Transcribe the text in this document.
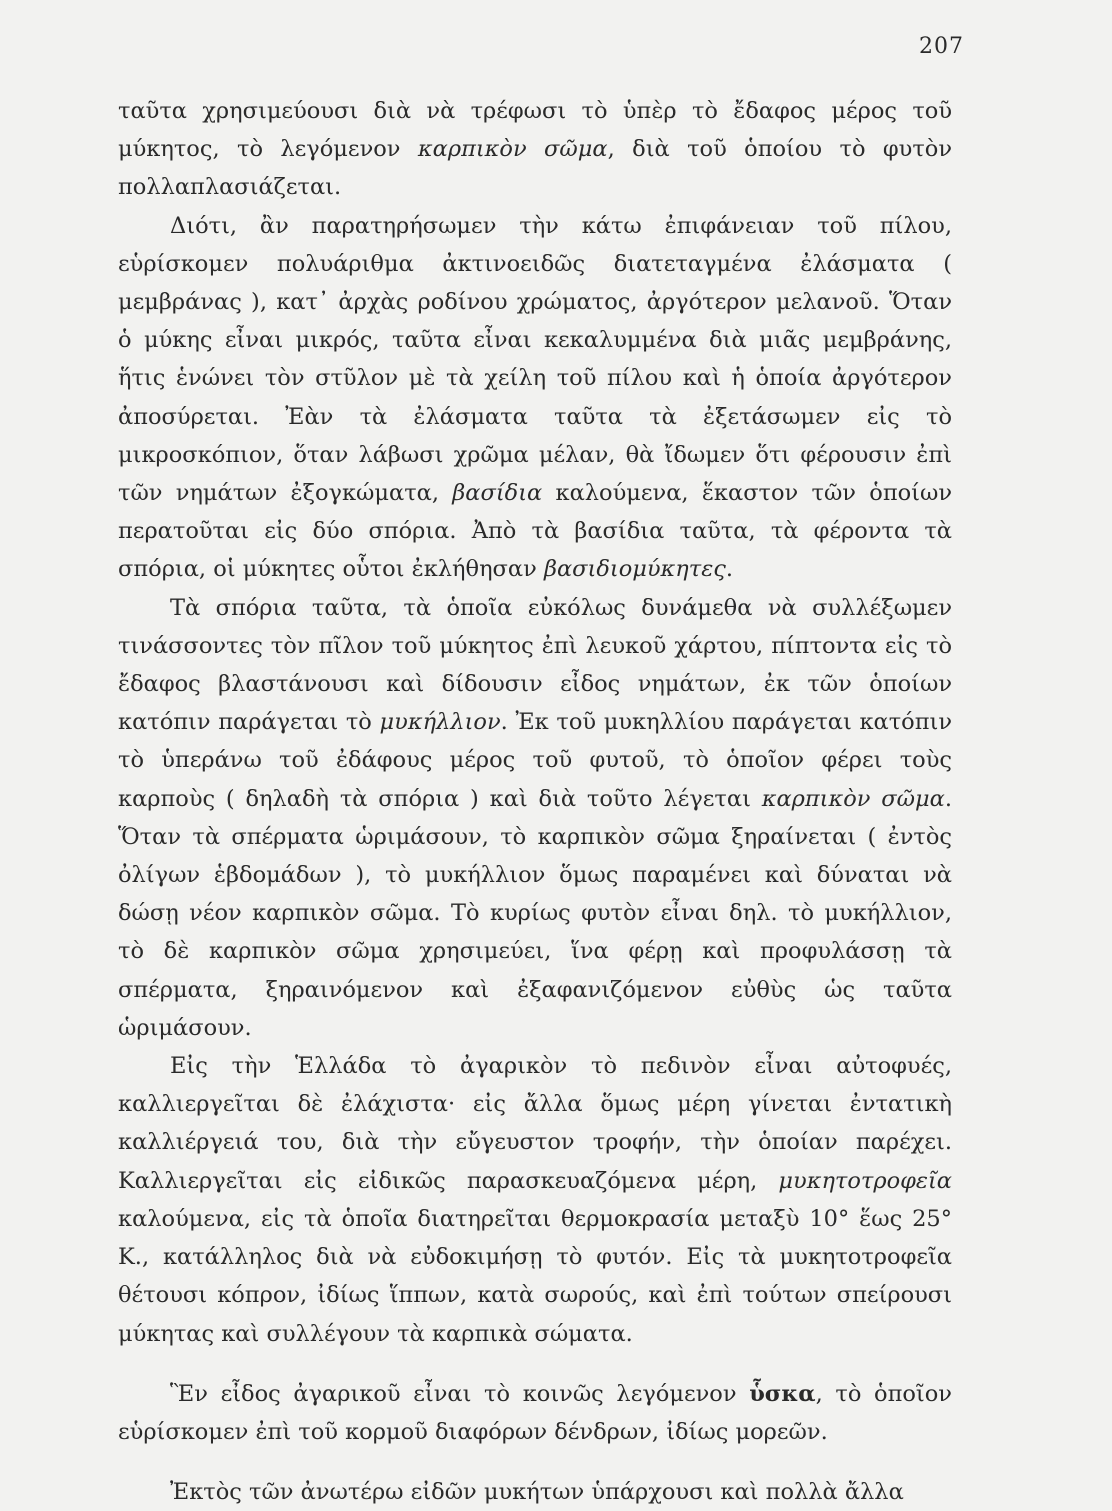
207

ταῦτα χρησιμεύουσι διὰ νὰ τρέφωσι τὸ ὑπὲρ τὸ ἔδαφος μέρος τοῦ μύκητος, τὸ λεγόμενον καρπικὸν σῶμα, διὰ τοῦ ὁποίου τὸ φυτὸν πολλαπλασιάζεται.

Διότι, ἂν παρατηρήσωμεν τὴν κάτω ἐπιφάνειαν τοῦ πίλου, εὑρίσκομεν πολυάριθμα ἀκτινοειδῶς διατεταγμένα ἐλάσματα ( μεμβράνας ), κατ᾽ ἀρχὰς ροδίνου χρώματος, ἀργότερον μελανοῦ. Ὅταν ὁ μύκης εἶναι μικρός, ταῦτα εἶναι κεκαλυμμένα διὰ μιᾶς μεμβράνης, ἥτις ἑνώνει τὸν στῦλον μὲ τὰ χείλη τοῦ πίλου καὶ ἡ ὁποία ἀργότερον ἀποσύρεται. Ἐὰν τὰ ἐλάσματα ταῦτα τὰ ἐξετάσωμεν εἰς τὸ μικροσκόπιον, ὅταν λάβωσι χρῶμα μέλαν, θὰ ἴδωμεν ὅτι φέρουσιν ἐπὶ τῶν νημάτων ἐξογκώματα, βασίδια καλούμενα, ἕκαστον τῶν ὁποίων περατοῦται εἰς δύο σπόρια. Ἀπὸ τὰ βασίδια ταῦτα, τὰ φέροντα τὰ σπόρια, οἱ μύκητες οὗτοι ἐκλήθησαν βασιδιομύκητες.

Τὰ σπόρια ταῦτα, τὰ ὁποῖα εὐκόλως δυνάμεθα νὰ συλλέξωμεν τινάσσοντες τὸν πῖλον τοῦ μύκητος ἐπὶ λευκοῦ χάρτου, πίπτοντα εἰς τὸ ἔδαφος βλαστάνουσι καὶ δίδουσιν εἶδος νημάτων, ἐκ τῶν ὁποίων κατόπιν παράγεται τὸ μυκήλλιον. Ἐκ τοῦ μυκηλλίου παράγεται κατόπιν τὸ ὑπεράνω τοῦ ἐδάφους μέρος τοῦ φυτοῦ, τὸ ὁποῖον φέρει τοὺς καρποὺς ( δηλαδὴ τὰ σπόρια ) καὶ διὰ τοῦτο λέγεται καρπικὸν σῶμα. Ὅταν τὰ σπέρματα ὡριμάσουν, τὸ καρπικὸν σῶμα ξηραίνεται ( ἐντὸς ὀλίγων ἑβδομάδων ), τὸ μυκήλλιον ὅμως παραμένει καὶ δύναται νὰ δώσῃ νέον καρπικὸν σῶμα. Τὸ κυρίως φυτὸν εἶναι δηλ. τὸ μυκήλλιον, τὸ δὲ καρπικὸν σῶμα χρησιμεύει, ἵνα φέρῃ καὶ προφυλάσσῃ τὰ σπέρματα, ξηραινόμενον καὶ ἐξαφανιζόμενον εὐθὺς ὡς ταῦτα ὡριμάσουν.

Εἰς τὴν Ἑλλάδα τὸ ἀγαρικὸν τὸ πεδινὸν εἶναι αὐτοφυές, καλλιεργεῖται δὲ ἐλάχιστα· εἰς ἄλλα ὅμως μέρη γίνεται ἐντατικὴ καλλιέργειά του, διὰ τὴν εὔγευστον τροφήν, τὴν ὁποίαν παρέχει. Καλλιεργεῖται εἰς εἰδικῶς παρασκευαζόμενα μέρη, μυκητοτροφεῖα καλούμενα, εἰς τὰ ὁποῖα διατηρεῖται θερμοκρασία μεταξὺ 10° ἕως 25° Κ., κατάλληλος διὰ νὰ εὐδοκιμήσῃ τὸ φυτόν. Εἰς τὰ μυκητοτροφεῖα θέτουσι κόπρον, ἰδίως ἵππων, κατὰ σωρούς, καὶ ἐπὶ τούτων σπείρουσι μύκητας καὶ συλλέγουν τὰ καρπικὰ σώματα.

Ἓν εἶδος ἀγαρικοῦ εἶναι τὸ κοινῶς λεγόμενον ὗσκα, τὸ ὁποῖον εὑρίσκομεν ἐπὶ τοῦ κορμοῦ διαφόρων δένδρων, ἰδίως μορεῶν.

Ἐκτὸς τῶν ἀνωτέρω εἰδῶν μυκήτων ὑπάρχουσι καὶ πολλὰ ἄλλα
